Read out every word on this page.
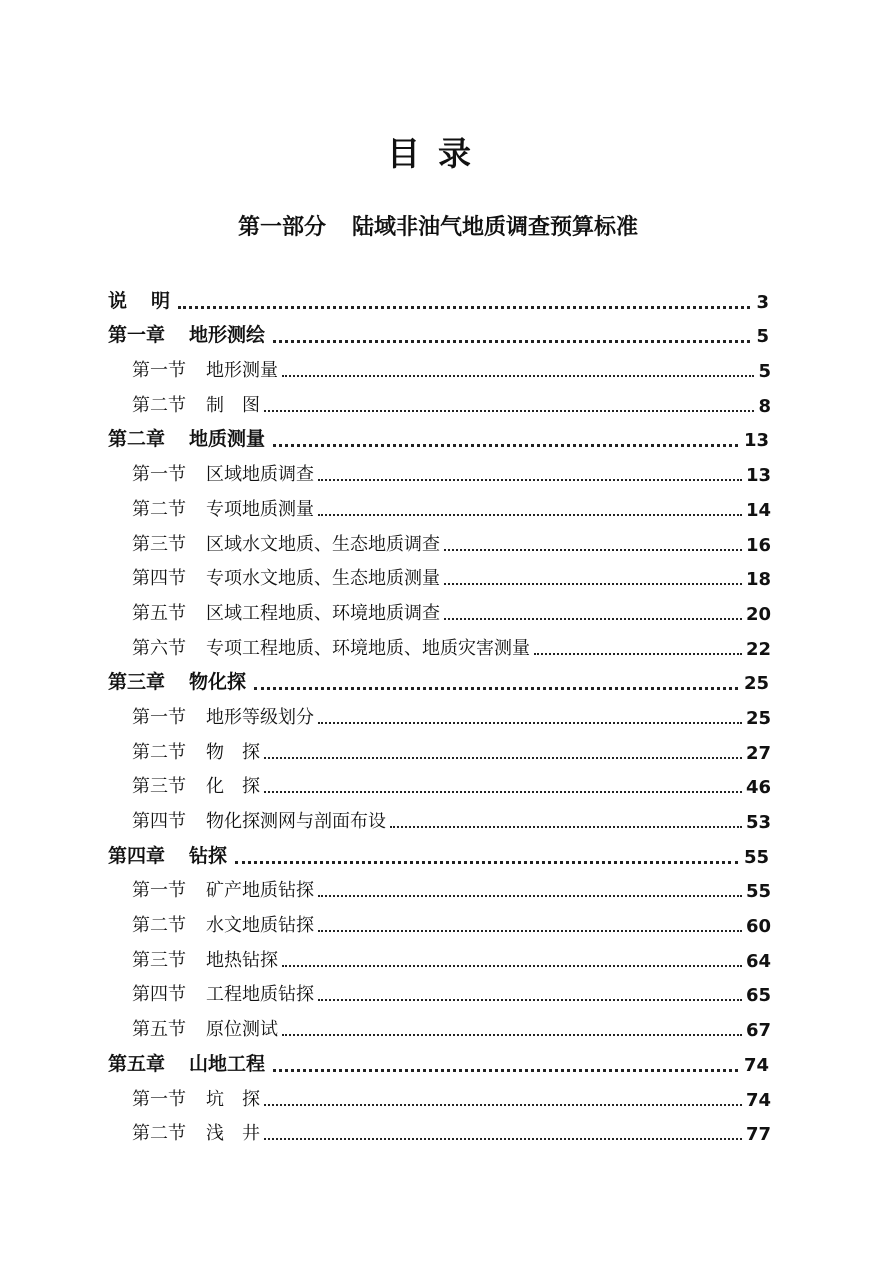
目录
第一部分 陆域非油气地质调查预算标准
说 明	3
第一章 地形测绘	5
第一节 地形测量	5
第二节 制　图	8
第二章 地质测量	13
第一节 区域地质调查	13
第二节 专项地质测量	14
第三节 区域水文地质、生态地质调查	16
第四节 专项水文地质、生态地质测量	18
第五节 区域工程地质、环境地质调查	20
第六节 专项工程地质、环境地质、地质灾害测量	22
第三章 物化探	25
第一节 地形等级划分	25
第二节 物　探	27
第三节 化　探	46
第四节 物化探测网与剖面布设	53
第四章 钻探	55
第一节 矿产地质钻探	55
第二节 水文地质钻探	60
第三节 地热钻探	64
第四节 工程地质钻探	65
第五节 原位测试	67
第五章 山地工程	74
第一节 坑　探	74
第二节 浅　井	77
